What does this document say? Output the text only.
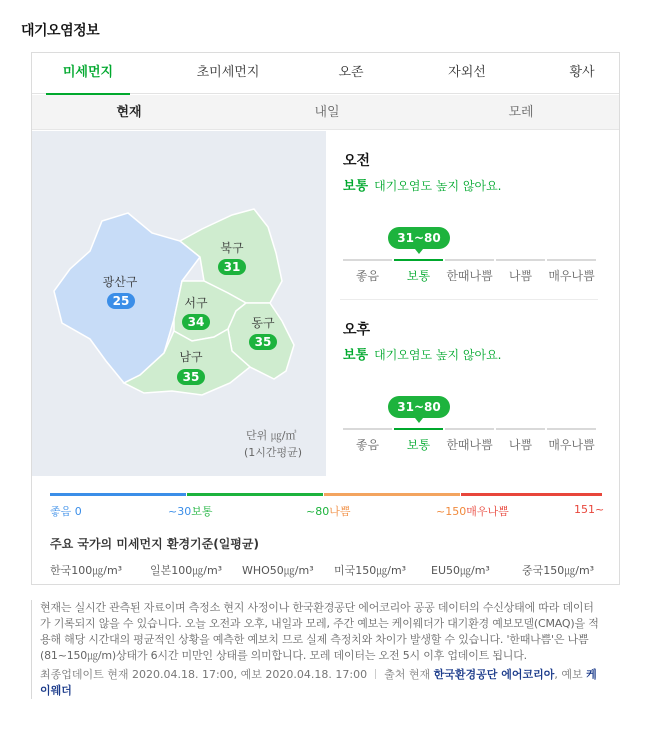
대기오염정보
미세먼지	초미세먼지	오존	자외선	황사
현재	내일	모레
광산구
25
북구
31
서구
34	동구
35
남구
35
단위 ㎍/㎥
(1시간평균)
오전
보통 대기오염도 높지 않아요.
31~80
좋음	보통	한때나쁨	나쁨	매우나쁨
오후
보통 대기오염도 높지 않아요.
31~80
좋음	보통	한때나쁨	나쁨	매우나쁨
좋음 0	~30보통	~80나쁨	~150매우나쁨	151~
주요 국가의 미세먼지 환경기준(일평균)
한국100㎍/m³	일본100㎍/m³ WHO50㎍/m³ 미국150㎍/m³ EU50㎍/m³	중국150㎍/m³

현재는 실시간 관측된 자료이며 측정소 현지 사정이나 한국환경공단 에어코리아 공공 데이터의 수신상태에 따라 데이터가 기록되지 않을 수 있습니다. 오늘 오전과 오후, 내일과 모레, 주간 예보는 케이웨더가 대기환경 예보모델(CMAQ)을 적용해 해당 시간대의 평균적인 상황을 예측한 예보치 므로 실제 측정치와 차이가 발생할 수 있습니다. '한때나쁨'은 나쁨(81~150㎍/m)상태가 6시간 미만인 상태를 의미합니다. 모레 데이터는 오전 5시 이후 업데이트 됩니다.

최종업데이트 현재 2020.04.18. 17:00, 예보 2020.04.18. 17:00 출처 현재 한국환경공단 에어코리아, 예보 케이웨더
